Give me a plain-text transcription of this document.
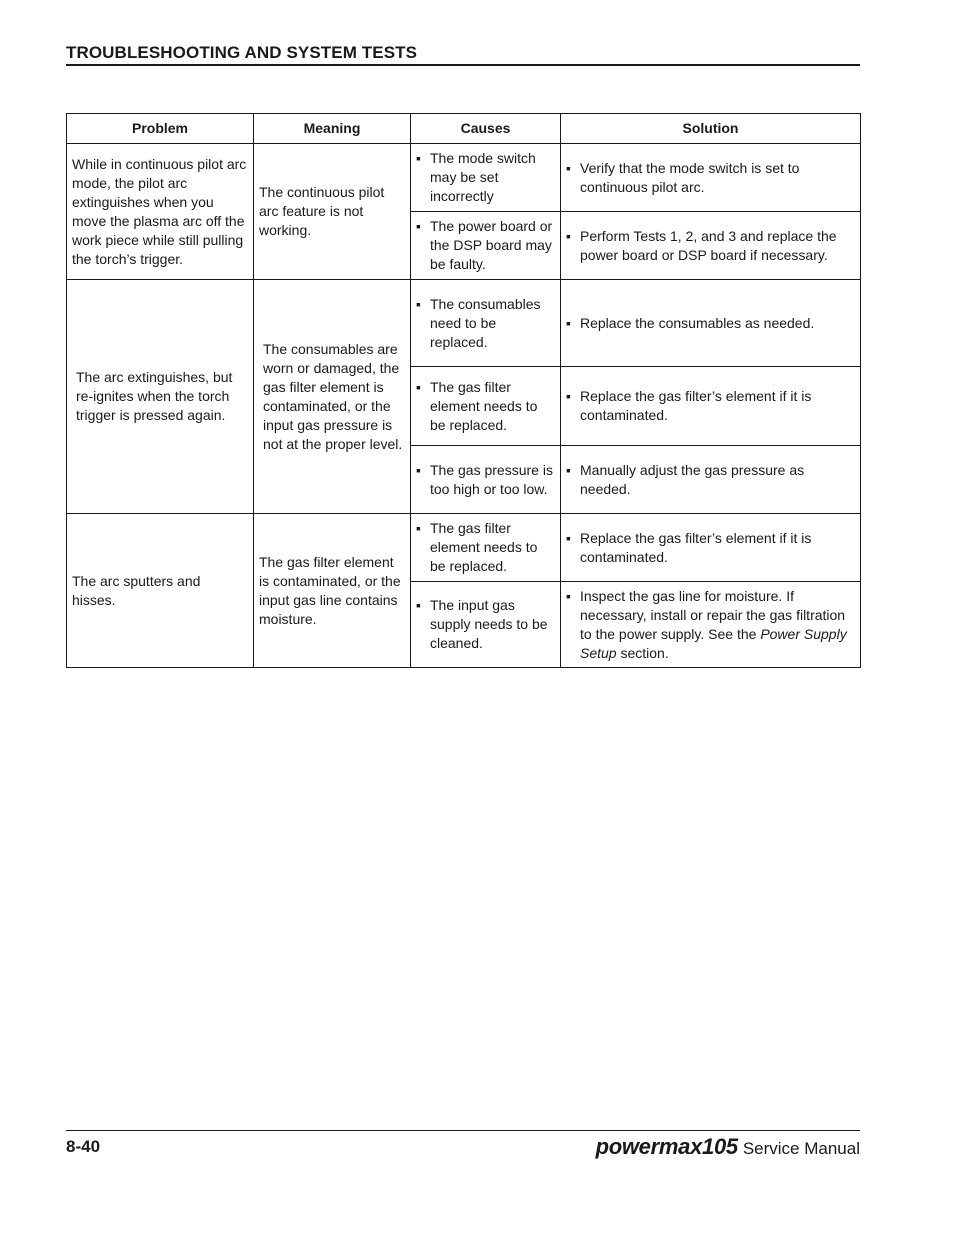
TROUBLESHOOTING AND SYSTEM TESTS
Problem	Meaning	Causes	Solution
While in continuous pilot arc mode, the pilot arc extinguishes when you move the plasma arc off the work piece while still pulling the torch’s trigger.	The continuous pilot arc feature is not working.	▪ The mode switch may be set incorrectly	▪ Verify that the mode switch is set to continuous pilot arc.

		▪ The power board or the DSP board may be faulty.	▪ Perform Tests 1, 2, and 3 and replace the power board or DSP board if necessary.

The arc extinguishes, but re-ignites when the torch trigger is pressed again.	The consumables are worn or damaged, the gas filter element is contaminated, or the input gas pressure is not at the proper level.	▪ The consumables need to be replaced.	▪ Replace the consumables as needed.

		▪ The gas filter element needs to be replaced.	▪ Replace the gas filter’s element if it is contaminated.

		▪ The gas pressure is too high or too low.	▪ Manually adjust the gas pressure as needed.

The arc sputters and hisses.	The gas filter element is contaminated, or the input gas line contains moisture.	▪ The gas filter element needs to be replaced.	▪ Replace the gas filter’s element if it is contaminated.

		▪ The input gas supply needs to be cleaned.	▪ Inspect the gas line for moisture. If necessary, install or repair the gas filtration to the power supply. See the Power Supply Setup section.
8-40	powermax105 Service Manual
